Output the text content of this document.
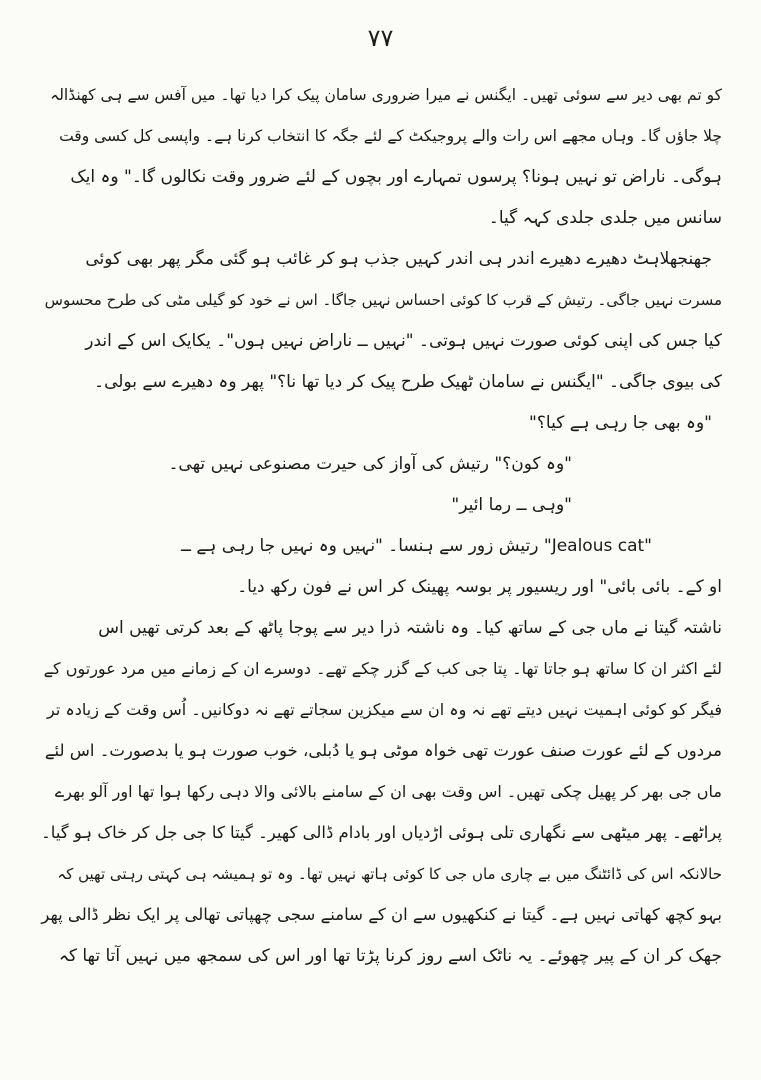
۷۷
کو تم بھی دیر سے سوئی تھیں۔ ایگنس نے میرا ضروری سامان پیک کرا دیا تھا۔ میں آفس سے ہی کھنڈالہ
چلا جاؤں گا۔ وہاں مجھے اس رات والے پروجیکٹ کے لئے جگہ کا انتخاب کرنا ہے۔ واپسی کل کسی وقت
ہوگی۔ ناراض تو نہیں ہونا؟ پرسوں تمہارے اور بچوں کے لئے ضرور وقت نکالوں گا۔" وہ ایک
سانس میں جلدی جلدی کہہ گیا۔
جھنجھلاہٹ دھیرے دھیرے اندر ہی اندر کہیں جذب ہو کر غائب ہو گئی مگر پھر بھی کوئی
مسرت نہیں جاگی۔ رتیش کے قرب کا کوئی احساس نہیں جاگا۔ اس نے خود کو گیلی مٹی کی طرح محسوس
کیا جس کی اپنی کوئی صورت نہیں ہوتی۔ "نہیں ــ ناراض نہیں ہوں"۔ یکایک اس کے اندر
کی بیوی جاگی۔ "ایگنس نے سامان ٹھیک طرح پیک کر دیا تھا نا؟" پھر وہ دھیرے سے بولی۔
"وہ بھی جا رہی ہے کیا؟"
"وہ کون؟" رتیش کی آواز کی حیرت مصنوعی نہیں تھی۔
"وہی ــ رما ائیر"
"Jealous cat" رتیش زور سے ہنسا۔ "نہیں وہ نہیں جا رہی ہے ــ
او کے۔ بائی بائی" اور ریسیور پر بوسہ پھینک کر اس نے فون رکھ دیا۔
ناشتہ گیتا نے ماں جی کے ساتھ کیا۔ وہ ناشتہ ذرا دیر سے پوجا پاٹھ کے بعد کرتی تھیں اس
لئے اکثر ان کا ساتھ ہو جاتا تھا۔ پتا جی کب کے گزر چکے تھے۔ دوسرے ان کے زمانے میں مرد عورتوں کے
فیگر کو کوئی اہمیت نہیں دیتے تھے نہ وہ ان سے میکزین سجاتے تھے نہ دوکانیں۔ اُس وقت کے زیادہ تر
مردوں کے لئے عورت صنف عورت تھی خواہ موٹی ہو یا دُبلی، خوب صورت ہو یا بدصورت۔ اس لئے
ماں جی بھر کر پھیل چکی تھیں۔ اس وقت بھی ان کے سامنے بالائی والا دہی رکھا ہوا تھا اور آلو بھرے
پراٹھے۔ پھر میٹھی سے نگھاری تلی ہوئی اڑدیاں اور بادام ڈالی کھیر۔ گیتا کا جی جل کر خاک ہو گیا۔
حالانکہ اس کی ڈائٹنگ میں بے چاری ماں جی کا کوئی ہاتھ نہیں تھا۔ وہ تو ہمیشہ ہی کہتی رہتی تھیں کہ
بہو کچھ کھاتی نہیں ہے۔ گیتا نے کنکھیوں سے ان کے سامنے سجی چھپاتی تھالی پر ایک نظر ڈالی پھر
جھک کر ان کے پیر چھوئے۔ یہ ناٹک اسے روز کرنا پڑتا تھا اور اس کی سمجھ میں نہیں آتا تھا کہ
